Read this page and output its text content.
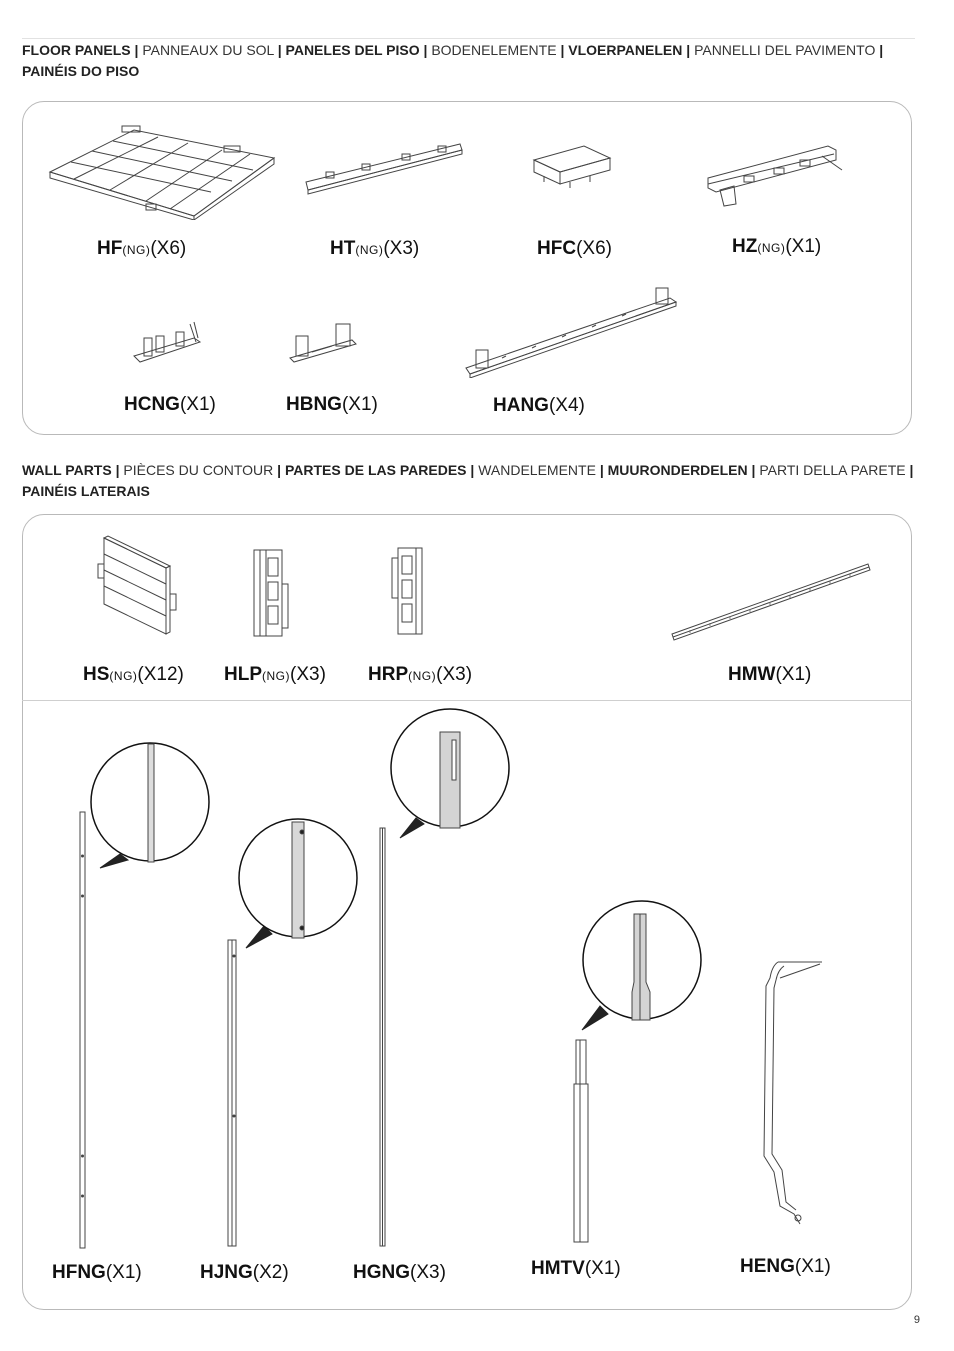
FLOOR PANELS | PANNEAUX DU SOL | PANELES DEL PISO | BODENELEMENTE | VLOERPANELEN | PANNELLI DEL PAVIMENTO | PAINÉIS DO PISO
HF(NG)(X6)	HT(NG)(X3)	HFC(X6)	HZ(NG)(X1)
HCNG(X1)	HBNG(X1)	HANG(X4)
WALL PARTS | PIÈCES DU CONTOUR | PARTES DE LAS PAREDES | WANDELEMENTE | MUURONDERDELEN | PARTI DELLA PARETE | PAINÉIS LATERAIS
HS(NG)(X12) HLP(NG)(X3) HRP(NG)(X3)	HMW(X1)
HFNG(X1)	HJNG(X2)	HGNG(X3)	HMTV(X1)	HENG(X1)
9
